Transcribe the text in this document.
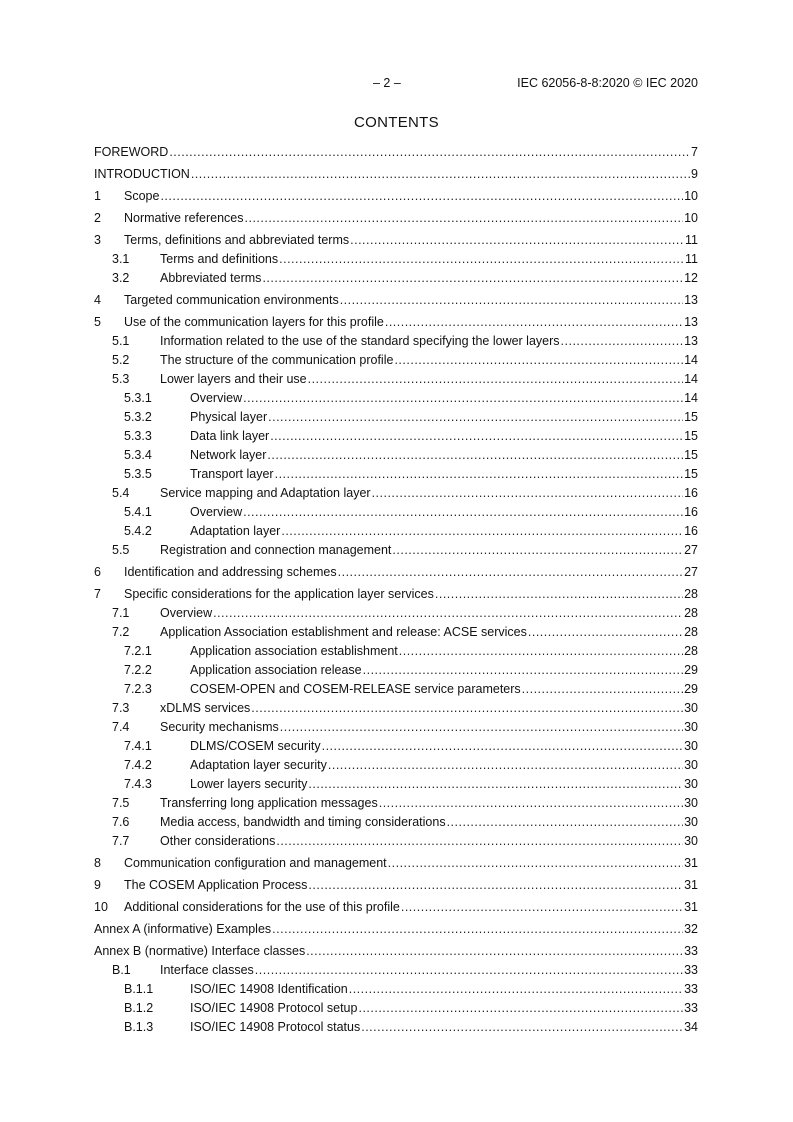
– 2 –	IEC 62056-8-8:2020 © IEC 2020
CONTENTS
FOREWORD .....	7
INTRODUCTION .....	9
1 Scope .....	10
2 Normative references .....	10
3 Terms, definitions and abbreviated terms .....	11
3.1 Terms and definitions .....	11
3.2 Abbreviated terms .....	12
4 Targeted communication environments .....	13
5 Use of the communication layers for this profile .....	13
5.1 Information related to the use of the standard specifying the lower layers .....	13
5.2 The structure of the communication profile .....	14
5.3 Lower layers and their use .....	14
5.3.1	Overview .....	14
5.3.2	Physical layer .....	15
5.3.3	Data link layer .....	15
5.3.4	Network layer .....	15
5.3.5	Transport layer .....	15
5.4 Service mapping and Adaptation layer .....	16
5.4.1	Overview .....	16
5.4.2	Adaptation layer .....	16
5.5 Registration and connection management .....	27
6 Identification and addressing schemes .....	27
7 Specific considerations for the application layer services .....	28
7.1 Overview .....	28
7.2 Application Association establishment and release: ACSE services .....	28
7.2.1	Application association establishment .....	28
7.2.2	Application association release .....	29
7.2.3	COSEM-OPEN and COSEM-RELEASE service parameters .....	29
7.3 xDLMS services .....	30
7.4 Security mechanisms .....	30
7.4.1	DLMS/COSEM security .....	30
7.4.2	Adaptation layer security .....	30
7.4.3	Lower layers security .....	30
7.5 Transferring long application messages .....	30
7.6 Media access, bandwidth and timing considerations .....	30
7.7 Other considerations .....	30
8 Communication configuration and management .....	31
9 The COSEM Application Process .....	31
10 Additional considerations for the use of this profile .....	31
Annex A (informative) Examples .....	32
Annex B (normative) Interface classes .....	33
B.1 Interface classes .....	33
B.1.1	ISO/IEC 14908 Identification .....	33
B.1.2	ISO/IEC 14908 Protocol setup .....	33
B.1.3	ISO/IEC 14908 Protocol status .....	34
